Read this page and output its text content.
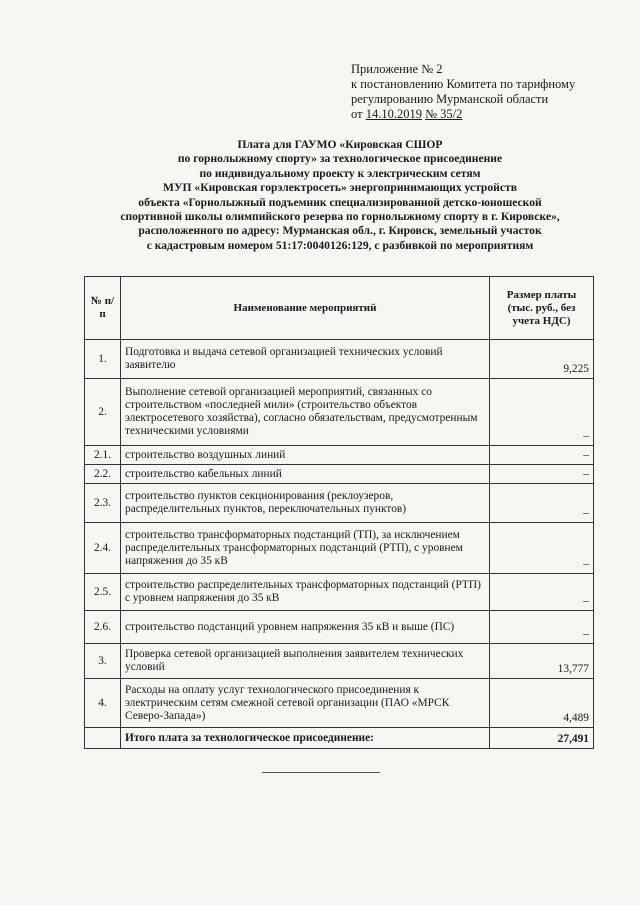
Приложение № 2
к постановлению Комитета по тарифному
регулированию Мурманской области
от 14.10.2019 № 35/2
Плата для ГАУМО «Кировская СШОР
по горнолыжному спорту» за технологическое присоединение
по индивидуальному проекту к электрическим сетям
МУП «Кировская горэлектросеть» энергопринимающих устройств
объекта «Горнолыжный подъемник специализированной детско-юношеской
спортивной школы олимпийского резерва по горнолыжному спорту в г. Кировске»,
расположенного по адресу: Мурманская обл., г. Кировск, земельный участок
с кадастровым номером 51:17:0040126:129, с разбивкой по мероприятиям
№ п/п	Наименование мероприятий	Размер платы (тыс. руб., без учета НДС)
1.	Подготовка и выдача сетевой организацией технических условий заявителю	9,225
2.	Выполнение сетевой организацией мероприятий, связанных со строительством «последней мили» (строительство объектов электросетевого хозяйства), согласно обязательствам, предусмотренным техническими условиями	–
2.1.	строительство воздушных линий	–
2.2.	строительство кабельных линий	–
2.3.	строительство пунктов секционирования (реклоузеров, распределительных пунктов, переключательных пунктов)	–
2.4.	строительство трансформаторных подстанций (ТП), за исключением распределительных трансформаторных подстанций (РТП), с уровнем напряжения до 35 кВ	–
2.5.	строительство распределительных трансформаторных подстанций (РТП) с уровнем напряжения до 35 кВ	–
2.6.	строительство подстанций уровнем напряжения 35 кВ и выше (ПС)	–
3.	Проверка сетевой организацией выполнения заявителем технических условий	13,777
4.	Расходы на оплату услуг технологического присоединения к электрическим сетям смежной сетевой организации (ПАО «МРСК Северо-Запада»)	4,489
	Итого плата за технологическое присоединение:	27,491
